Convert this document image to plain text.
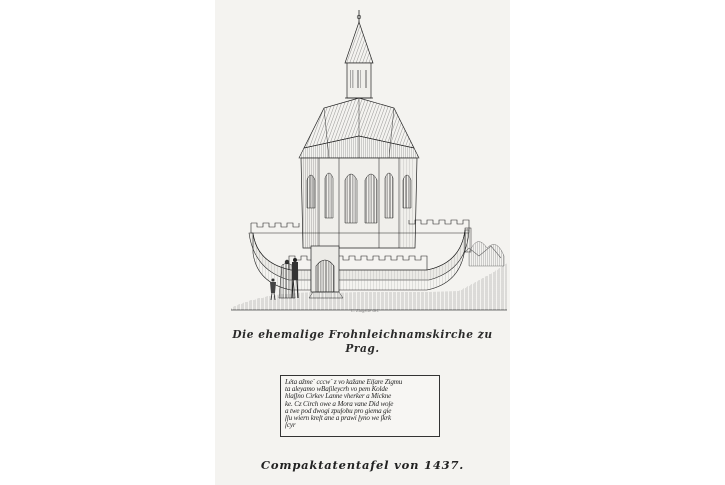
C. Zingerle del.
Die ehemalige Frohnleichnamskirche zu Prag.
Léta ažme˚ cccw˚ z vo kažane Eiſare Zigmu
ta aleyamo wBaſileycrh vo pem Kolde
hlaſſno Cirkev Lanne vherker a Mickne
ke. Cz Circh owe a Mora vane Did woſe
a twe pod dwogi zpuſobu pro giema gie
ſſu wiern kreſt ane a prawi ſyno we ſkrk
ſcyr
Compaktatentafel von 1437.
